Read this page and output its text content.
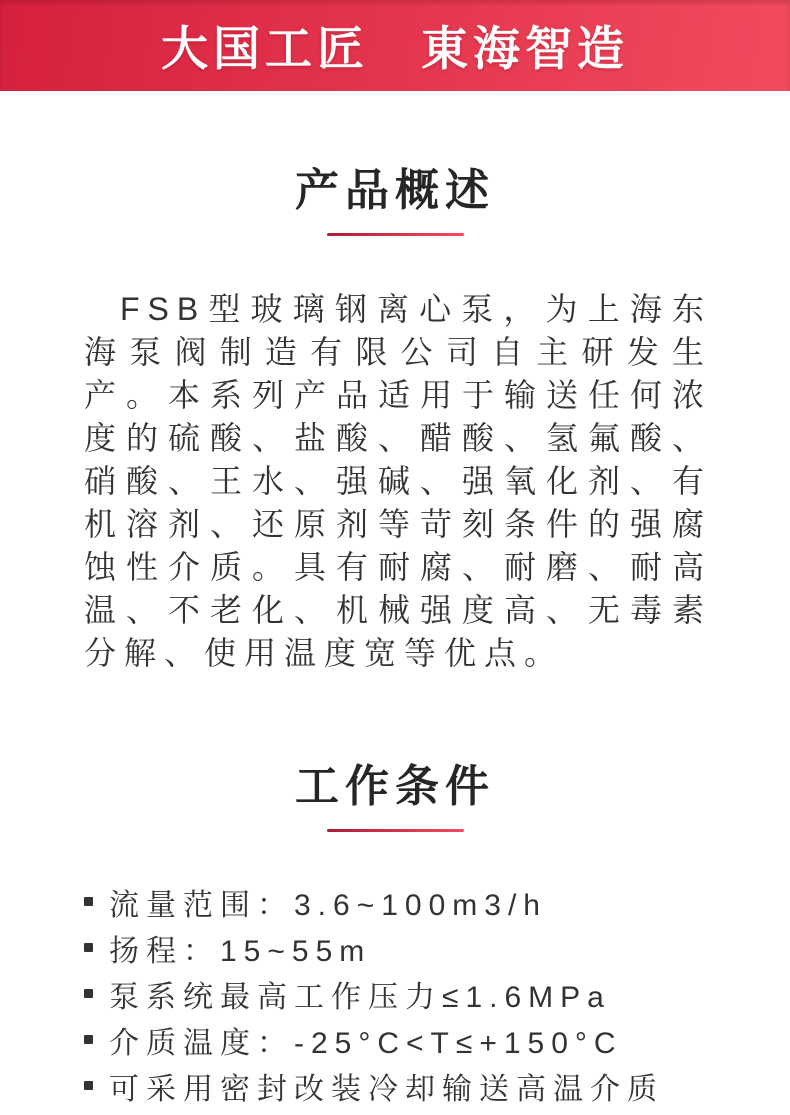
大国工匠　東海智造
产品概述

FSB型玻璃钢离心泵，为上海东海泵阀制造有限公司自主研发生产。本系列产品适用于输送任何浓度的硫酸、盐酸、醋酸、氢氟酸、硝酸、王水、强碱、强氧化剂、有机溶剂、还原剂等苛刻条件的强腐蚀性介质。具有耐腐、耐磨、耐高温、不老化、机械强度高、无毒素分解、使用温度宽等优点。

工作条件
流量范围：3.6~100m3/h
扬程：15~55m
泵系统最高工作压力≤1.6MPa
介质温度：-25°C<T≤+150°C
可采用密封改装冷却输送高温介质
